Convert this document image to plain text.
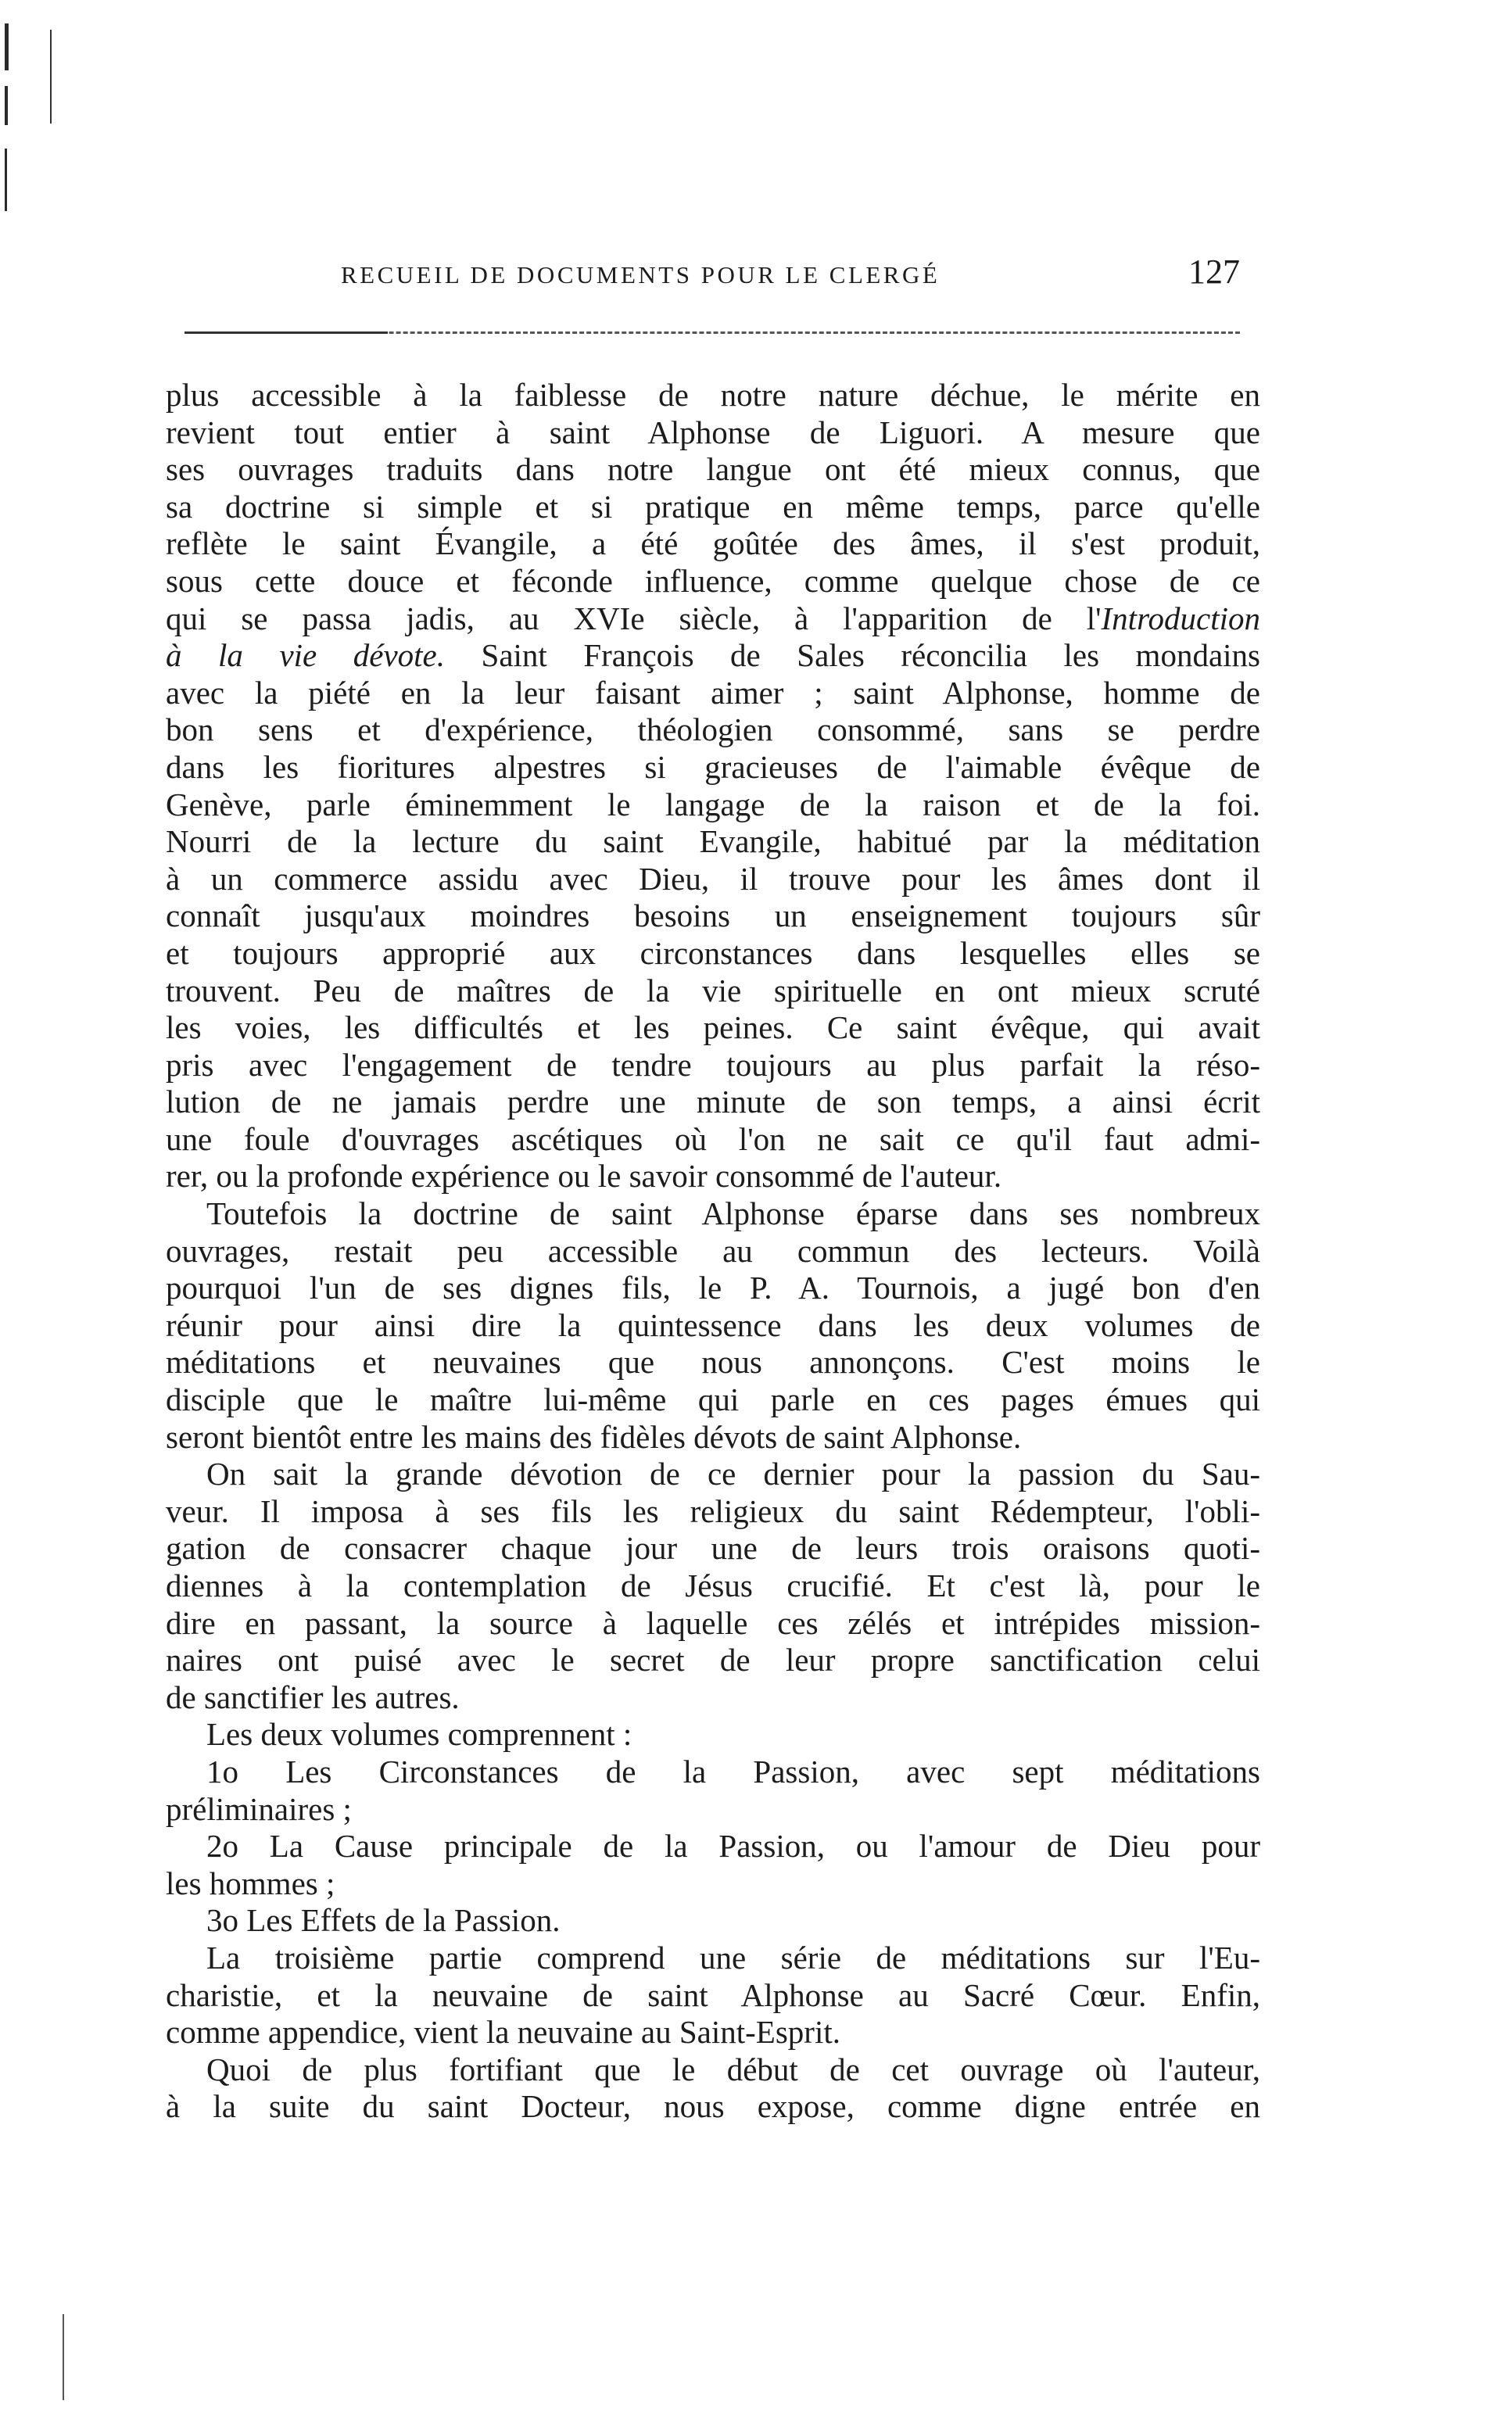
RECUEIL DE DOCUMENTS POUR LE CLERGÉ	127
plus accessible à la faiblesse de notre nature déchue, le mérite en
revient tout entier à saint Alphonse de Liguori. A mesure que
ses ouvrages traduits dans notre langue ont été mieux connus, que
sa doctrine si simple et si pratique en même temps, parce qu'elle
reflète le saint Évangile, a été goûtée des âmes, il s'est produit,
sous cette douce et féconde influence, comme quelque chose de ce
qui se passa jadis, au XVIe siècle, à l'apparition de l'Introduction
à la vie dévote. Saint François de Sales réconcilia les mondains
avec la piété en la leur faisant aimer ; saint Alphonse, homme de
bon sens et d'expérience, théologien consommé, sans se perdre
dans les fioritures alpestres si gracieuses de l'aimable évêque de
Genève, parle éminemment le langage de la raison et de la foi.
Nourri de la lecture du saint Evangile, habitué par la méditation
à un commerce assidu avec Dieu, il trouve pour les âmes dont il
connaît jusqu'aux moindres besoins un enseignement toujours sûr
et toujours approprié aux circonstances dans lesquelles elles se
trouvent. Peu de maîtres de la vie spirituelle en ont mieux scruté
les voies, les difficultés et les peines. Ce saint évêque, qui avait
pris avec l'engagement de tendre toujours au plus parfait la réso-
lution de ne jamais perdre une minute de son temps, a ainsi écrit
une foule d'ouvrages ascétiques où l'on ne sait ce qu'il faut admi-
rer, ou la profonde expérience ou le savoir consommé de l'auteur.
Toutefois la doctrine de saint Alphonse éparse dans ses nombreux
ouvrages, restait peu accessible au commun des lecteurs. Voilà
pourquoi l'un de ses dignes fils, le P. A. Tournois, a jugé bon d'en
réunir pour ainsi dire la quintessence dans les deux volumes de
méditations et neuvaines que nous annonçons. C'est moins le
disciple que le maître lui-même qui parle en ces pages émues qui
seront bientôt entre les mains des fidèles dévots de saint Alphonse.
On sait la grande dévotion de ce dernier pour la passion du Sau-
veur. Il imposa à ses fils les religieux du saint Rédempteur, l'obli-
gation de consacrer chaque jour une de leurs trois oraisons quoti-
diennes à la contemplation de Jésus crucifié. Et c'est là, pour le
dire en passant, la source à laquelle ces zélés et intrépides mission-
naires ont puisé avec le secret de leur propre sanctification celui
de sanctifier les autres.
Les deux volumes comprennent :
1o Les Circonstances de la Passion, avec sept méditations
préliminaires ;
2o La Cause principale de la Passion, ou l'amour de Dieu pour
les hommes ;
3o Les Effets de la Passion.
La troisième partie comprend une série de méditations sur l'Eu-
charistie, et la neuvaine de saint Alphonse au Sacré Cœur. Enfin,
comme appendice, vient la neuvaine au Saint-Esprit.
Quoi de plus fortifiant que le début de cet ouvrage où l'auteur,
à la suite du saint Docteur, nous expose, comme digne entrée en
